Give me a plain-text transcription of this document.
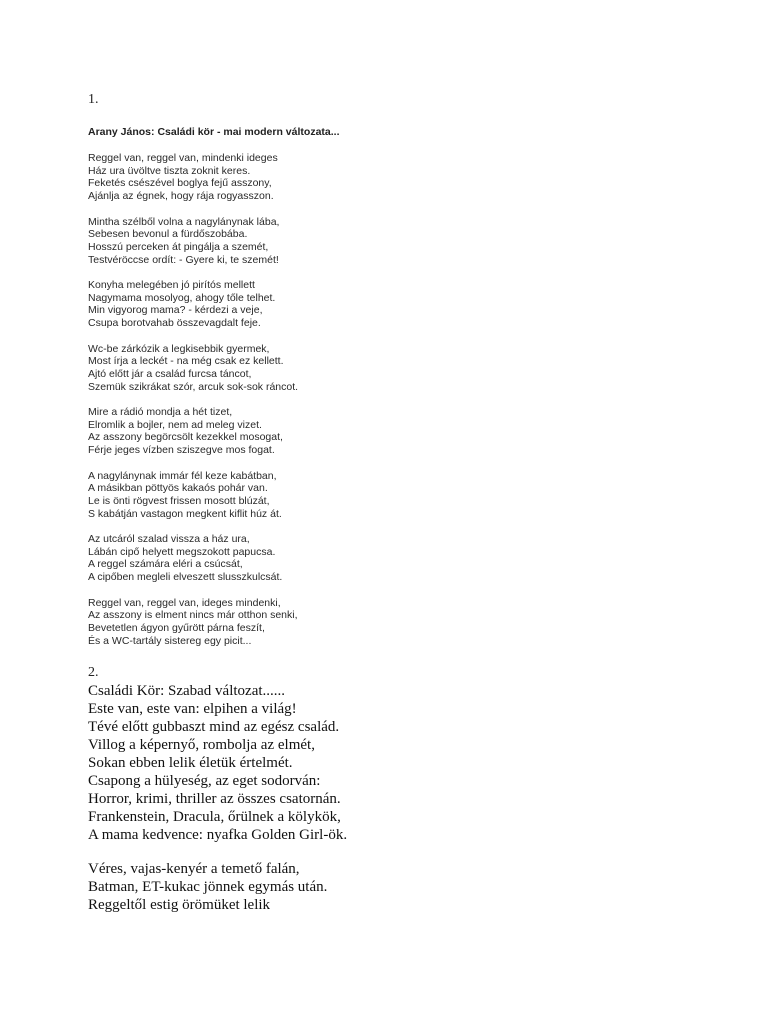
1.
Arany János: Családi kör - mai modern változata...
Reggel van, reggel van, mindenki ideges
Ház ura üvöltve tiszta zoknit keres.
Feketés csészével boglya fejű asszony,
Ajánlja az égnek, hogy rája rogyasszon.
Mintha szélből volna a nagylánynak lába,
Sebesen bevonul a fürdőszobába.
Hosszú perceken át pingálja a szemét,
Testvéröccse ordít: - Gyere ki, te szemét!
Konyha melegében jó pirítós mellett
Nagymama mosolyog, ahogy tőle telhet.
Min vigyorog mama? - kérdezi a veje,
Csupa borotvahab összevagdalt feje.
Wc-be zárkózik a legkisebbik gyermek,
Most írja a leckét - na még csak ez kellett.
Ajtó előtt jár a család furcsa táncot,
Szemük szikrákat szór, arcuk sok-sok ráncot.
Mire a rádió mondja a hét tizet,
Elromlik a bojler, nem ad meleg vizet.
Az asszony begörcsölt kezekkel mosogat,
Férje jeges vízben sziszegve mos fogat.
A nagylánynak immár fél keze kabátban,
A másikban pöttyös kakaós pohár van.
Le is önti rögvest frissen mosott blúzát,
S kabátján vastagon megkent kiflit húz át.
Az utcáról szalad vissza a ház ura,
Lábán cipő helyett megszokott papucsa.
A reggel számára eléri a csúcsát,
A cipőben megleli elveszett slusszkulcsát.
Reggel van, reggel van, ideges mindenki,
Az asszony is elment nincs már otthon senki,
Bevetetlen ágyon gyűrött párna feszít,
És a WC-tartály sistereg egy picit...
2.
Családi Kör: Szabad változat......
Este van, este van: elpihen a világ!
Tévé előtt gubbaszt mind az egész család.
Villog a képernyő, rombolja az elmét,
Sokan ebben lelik életük értelmét.
Csapong a hülyeség, az eget sodorván:
Horror, krimi, thriller az összes csatornán.
Frankenstein, Dracula, őrülnek a kölykök,
A mama kedvence: nyafka Golden Girl-ök.
Véres, vajas-kenyér a temető falán,
Batman, ET-kukac jönnek egymás után.
Reggeltől estig örömüket lelik
